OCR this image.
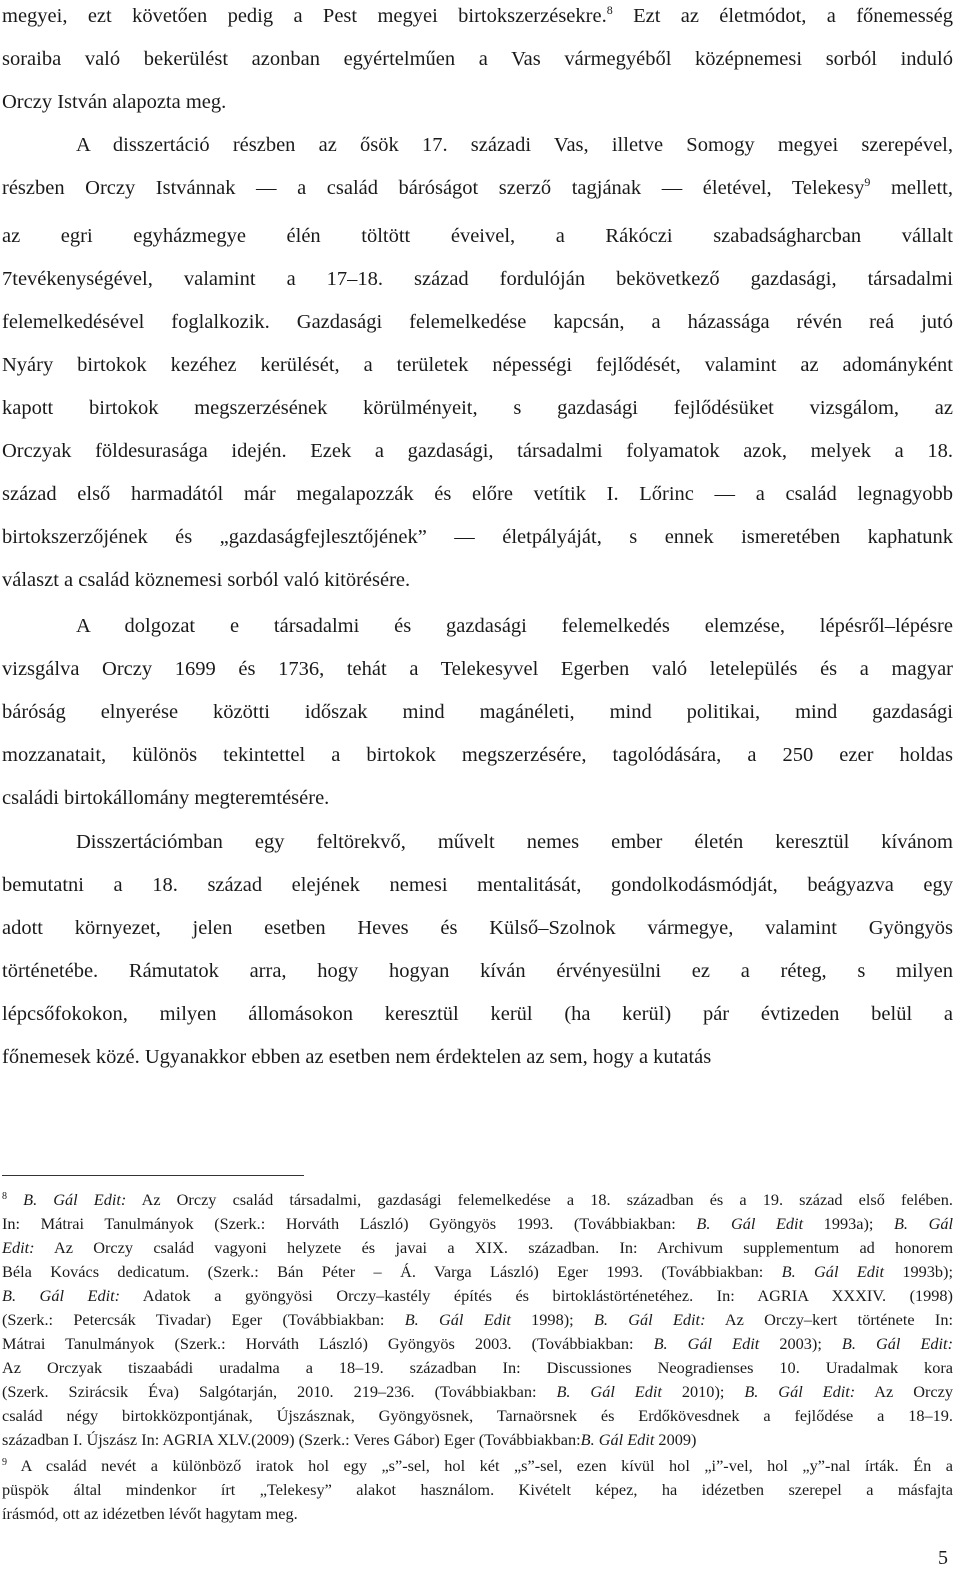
megyei, ezt követően pedig a Pest megyei birtokszerzésekre.$^8$ Ezt az életmódot, a főnemesség

soraiba való bekerülést azonban egyértelműen a Vas vármegyéből középnemesi sorból induló

Orczy István alapozta meg.

A disszertáció részben az ősök 17. századi Vas, illetve Somogy megyei szerepével,

részben Orczy Istvánnak — a család báróságot szerző tagjának — életével, Telekesy$^9$ mellett,

az egri egyházmegye élén töltött éveivel, a Rákóczi szabadságharcban vállalt

7tevékenységével, valamint a 17–18. század fordulóján bekövetkező gazdasági, társadalmi

felemelkedésével foglalkozik. Gazdasági felemelkedése kapcsán, a házassága révén reá jutó

Nyáry birtokok kezéhez kerülését, a területek népességi fejlődését, valamint az adományként

kapott birtokok megszerzésének körülményeit, s gazdasági fejlődésüket vizsgálom, az

Orczyak földesurasága idején. Ezek a gazdasági, társadalmi folyamatok azok, melyek a 18.

század első harmadától már megalapozzák és előre vetítik I. Lőrinc — a család legnagyobb

birtokszerzőjének és „gazdaságfejlesztőjének” — életpályáját, s ennek ismeretében kaphatunk

választ a család köznemesi sorból való kitörésére.

A dolgozat e társadalmi és gazdasági felemelkedés elemzése, lépésről–lépésre

vizsgálva Orczy 1699 és 1736, tehát a Telekesyvel Egerben való letelepülés és a magyar

báróság elnyerése közötti időszak mind magánéleti, mind politikai, mind gazdasági

mozzanatait, különös tekintettel a birtokok megszerzésére, tagolódására, a 250 ezer holdas

családi birtokállomány megteremtésére.

Disszertációmban egy feltörekvő, művelt nemes ember életén keresztül kívánom

bemutatni a 18. század elejének nemesi mentalitását, gondolkodásmódját, beágyazva egy

adott környezet, jelen esetben Heves és Külső–Szolnok vármegye, valamint Gyöngyös

történetébe. Rámutatok arra, hogy hogyan kíván érvényesülni ez a réteg, s milyen

lépcsőfokokon, milyen állomásokon keresztül kerül (ha kerül) pár évtizeden belül a

főnemesek közé. Ugyanakkor ebben az esetben nem érdektelen az sem, hogy a kutatás

$^8$ B. Gál Edit: Az Orczy család társadalmi, gazdasági felemelkedése a 18. században és a 19. század első felében.

In: Mátrai Tanulmányok (Szerk.: Horváth László) Gyöngyös 1993. (Továbbiakban: B. Gál Edit 1993a); B. Gál

Edit: Az Orczy család vagyoni helyzete és javai a XIX. században. In: Archivum supplementum ad honorem

Béla Kovács dedicatum. (Szerk.: Bán Péter – Á. Varga László) Eger 1993. (Továbbiakban: B. Gál Edit 1993b);

B. Gál Edit: Adatok a gyöngyösi Orczy–kastély építés és birtoklástörténetéhez. In: AGRIA XXXIV. (1998)

(Szerk.: Petercsák Tivadar) Eger (Továbbiakban: B. Gál Edit 1998); B. Gál Edit: Az Orczy–kert története In:

Mátrai Tanulmányok (Szerk.: Horváth László) Gyöngyös 2003. (Továbbiakban: B. Gál Edit 2003); B. Gál Edit:

Az Orczyak tiszaabádi uradalma a 18–19. században In: Discussiones Neogradienses 10. Uradalmak kora

(Szerk. Szirácsik Éva) Salgótarján, 2010. 219–236. (Továbbiakban: B. Gál Edit 2010); B. Gál Edit: Az Orczy

család négy birtokközpontjának, Újszásznak, Gyöngyösnek, Tarnaörsnek és Erdőkövesdnek a fejlődése a 18–19.

században I. Újszász In: AGRIA XLV.(2009) (Szerk.: Veres Gábor) Eger (Továbbiakban:B. Gál Edit 2009)

$^9$ A család nevét a különböző iratok hol egy „s”-sel, hol két „s”-sel, ezen kívül hol „i”-vel, hol „y”-nal írták. Én a

püspök által mindenkor írt „Telekesy” alakot használom. Kivételt képez, ha idézetben szerepel a másfajta

írásmód, ott az idézetben lévőt hagytam meg.

5
